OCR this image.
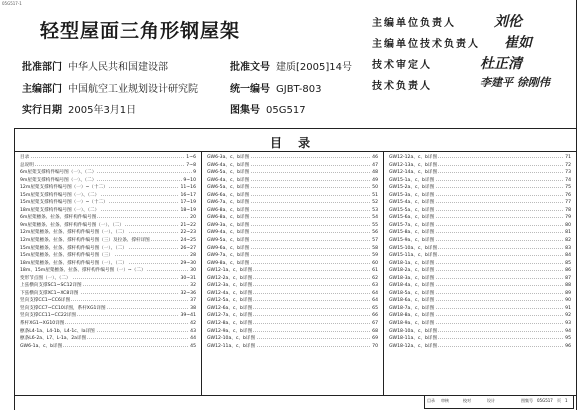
05G517-1
轻型屋面三角形钢屋架
批准部门 中华人民共和国建设部	批准文号 建质[2005]14号
主编部门 中国航空工业规划设计研究院	统一编号 GJBT-803
实行日期 2005年3月1日	图集号 05G517
主编单位负责人	刘伦
主编单位技术负责人 崔如
技术审定人	杜正清
技术负责人	李建平 徐刚伟
目 录
目录	1~6
总说明	7~8
6m屋架支撑构件编号图（一）、（二）	9
9m屋架支撑构件编号图（一）、（二）	9~10
12m屋架支撑构件编号图（一）~（十二）	11~16
15m屋架支撑构件编号图（一）、（二）	16~17
15m屋架支撑构件编号图（一）~（十二）	17~19
18m屋架支撑构件编号图（一）、（二）	18~19
6m屋架檩条、拉条、撑杆构件编号图	20
9m屋架檩条、拉条、撑杆构件编号图（一）、（二）	21~22
12m屋架檩条、拉条、撑杆构件编号图（一）、（二）	22~23
12m屋架檩条、拉条、撑杆构件编号图（三）及拉条、撑杆详图	24~25
15m屋架檩条、拉条、撑杆构件编号图（一）、（二）	26~27
15m屋架檩条、拉条、撑杆构件编号图（三）	28
18m屋架檩条、拉条、撑杆构件编号图（一）、（二）	29~30
18m、15m屋架檩条、拉条、撑杆构件编号图（一）~（二）	30
变形节点图（一）、（二）	30~31
上弦横向支撑SC1~SC12详图	32
下弦横向支撑XC1~XC8详图	32~36
竖向支撑CC1~CC6详图	37
竖向支撑CC7~CC10详图，系杆XG1详图	38
竖向支撑CC11~CC22详图	39~41
系杆XG1~XG10详图	42
檩条L4-1a、L4-1b、L4-1c、Ia详图	43
檩条L6-2a、L7、L-1a、2a详图	44
GW6-1a、c、b详图	45
GW6-3a、c、b详图	46
GW6-4a、c、b详图	47
GW6-5a、c、b详图	48
GW6-4a、c、b详图	49
GW6-5a、c、b详图	50
GW6-6a、c、b详图	51
GW6-7a、c、b详图	52
GW6-8a、c、b详图	53
GW6-8a、c、b详图	54
GW9-3a、c、b详图	55
GW9-4a、c、b详图	56
GW9-5a、c、b详图	57
GW9-6a、c、b详图	58
GW9-7a、c、b详图	59
GW9-8a、c、b详图	60
GW12-1a、c、b详图	61
GW12-2a、c、b详图	62
GW12-3a、c、b详图	63
GW12-4a、c、b详图	64
GW12-5a、c、b详图	64
GW12-6a、c、b详图	65
GW12-7a、c、b详图	66
GW12-8a、c、b详图	67
GW12-9a、c、b详图	68
GW12-10a、c、b详图	69
GW12-11a、c、b详图	70
GW12-12a、c、b详图	71
GW12-13a、c、b详图	72
GW12-14a、c、b详图	73
GW15-1a、c、b详图	74
GW15-2a、c、b详图	75
GW15-3a、c、b详图	76
GW15-4a、c、b详图	77
GW15-5a、c、b详图	78
GW15-6a、c、b详图	79
GW15-7a、c、b详图	80
GW15-8a、c、b详图	81
GW15-9a、c、b详图	82
GW15-10a、c、b详图	83
GW15-11a、c、b详图	84
GW18-1a、c、b详图	85
GW18-2a、c、b详图	86
GW18-3a、c、b详图	87
GW18-4a、c、b详图	88
GW18-5a、c、b详图	89
GW18-6a、c、b详图	90
GW18-7a、c、b详图	91
GW18-8a、c、b详图	92
GW18-9a、c、b详图	93
GW18-10a、c、b详图	94
GW18-11a、c、b详图	95
GW18-12a、c、b详图	96
目录 审核	校对	设计	图集号 05G517 页 1
